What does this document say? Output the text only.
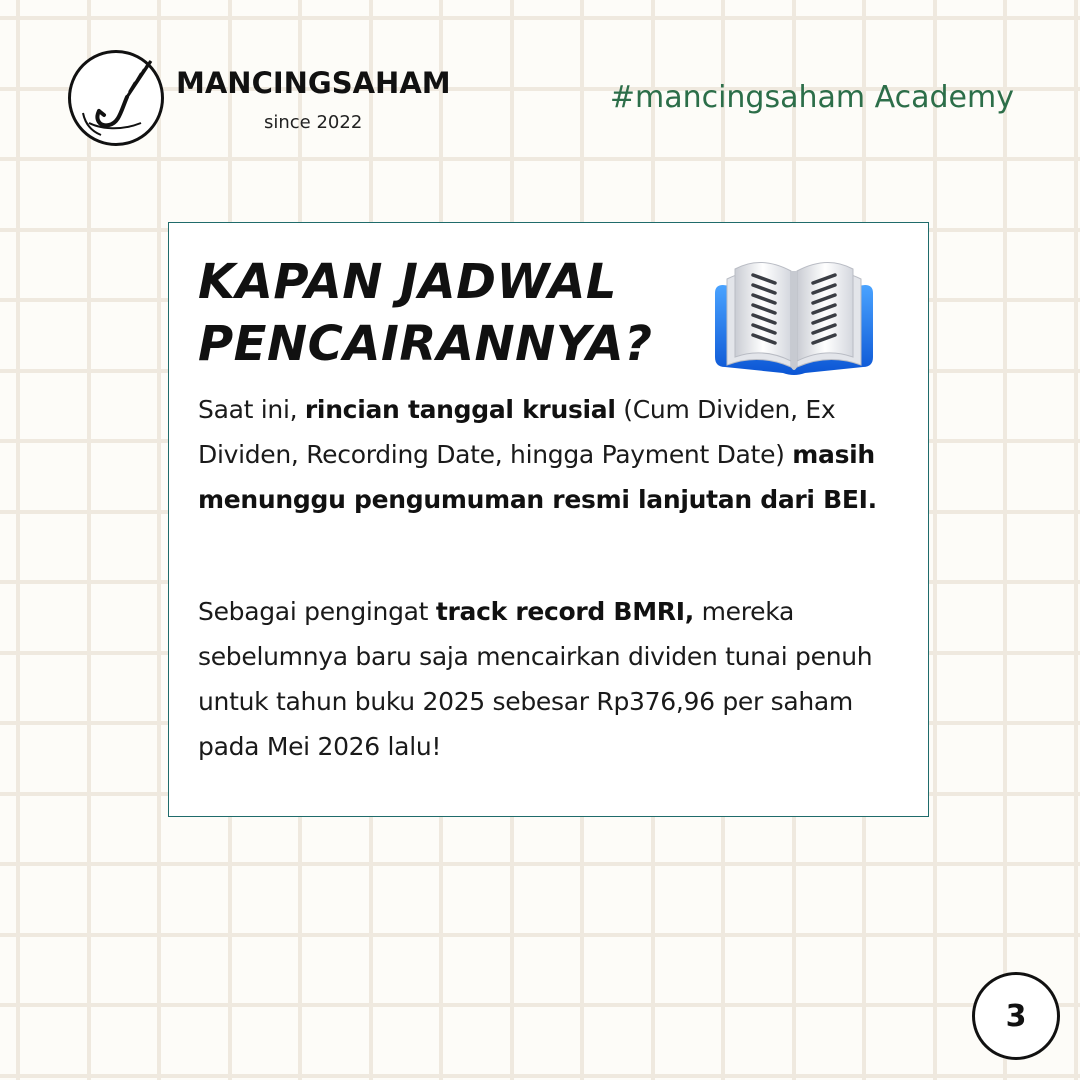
MANCINGSAHAM
since 2022
#mancingsaham Academy
KAPAN JADWAL
PENCAIRANNYA?

Saat ini, rincian tanggal krusial (Cum Dividen, Ex Dividen, Recording Date, hingga Payment Date) masih menunggu pengumuman resmi lanjutan dari BEI.

Sebagai pengingat track record BMRI, mereka sebelumnya baru saja mencairkan dividen tunai penuh untuk tahun buku 2025 sebesar Rp376,96 per saham pada Mei 2026 lalu!

3
